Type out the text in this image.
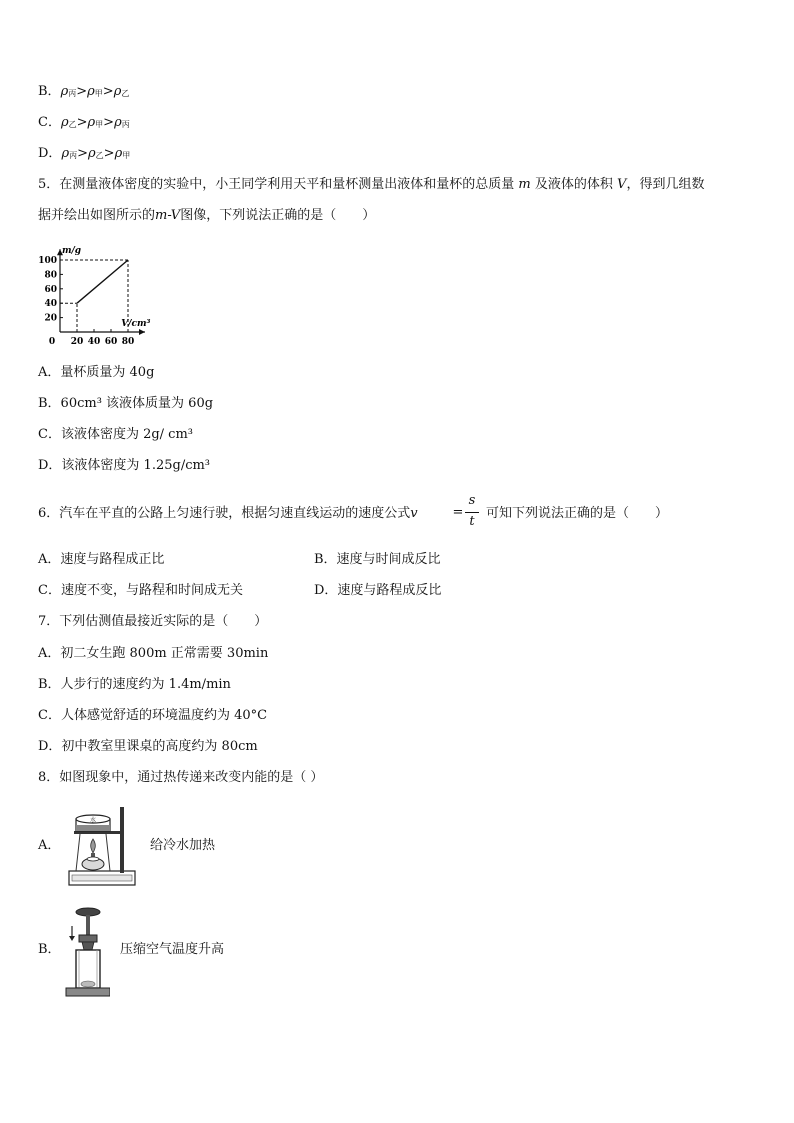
B．ρ丙>ρ甲>ρ乙
C．ρ乙>ρ甲>ρ丙
D．ρ丙>ρ乙>ρ甲
5．在测量液体密度的实验中，小王同学利用天平和量杯测量出液体和量杯的总质量 m 及液体的体积 V，得到几组数
据并绘出如图所示的m-V图像，下列说法正确的是（　　）
m/g
V/cm³
0 20 40 60 80
20
40
60
80
100
A．量杯质量为 40g
B．60cm³ 该液体质量为 60g
C．该液体密度为 2g/ cm³
D．该液体密度为 1.25g/cm³
6．汽车在平直的公路上匀速行驶，根据匀速直线运动的速度公式v	=
s
t
可知下列说法正确的是（　　）
A．速度与路程成正比	B．速度与时间成反比
C．速度不变，与路程和时间成无关	D．速度与路程成反比
7．下列估测值最接近实际的是（　　）
A．初二女生跑 800m 正常需要 30min
B．人步行的速度约为 1.4m/min
C．人体感觉舒适的环境温度约为 40°C
D．初中教室里课桌的高度约为 80cm
8．如图现象中，通过热传递来改变内能的是（ ）
A．
水
给冷水加热
B．	压缩空气温度升高
